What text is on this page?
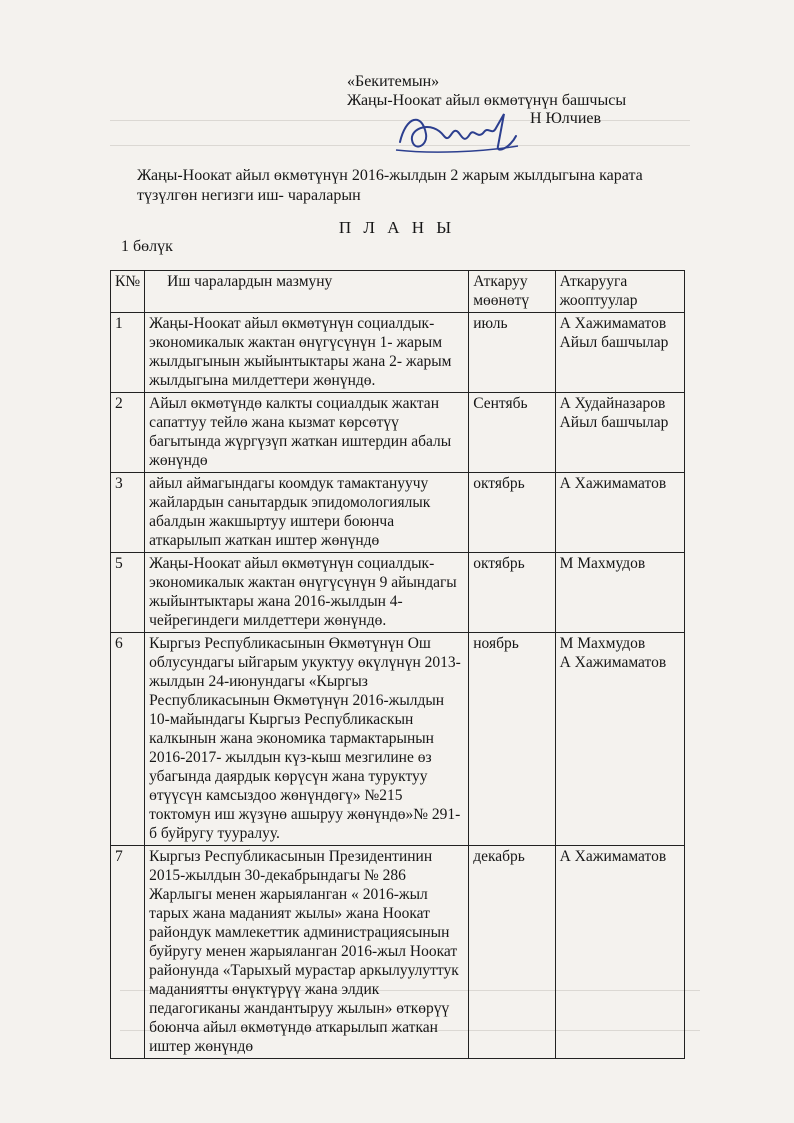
«Бекитемын»
Жаңы-Ноокат айыл өкмөтүнүн башчысы
Н Юлчиев
Жаңы-Ноокат айыл өкмөтүнүн 2016-жылдын 2 жарым жылдыгына карата түзүлгөн негизги иш- чараларын
П Л А Н Ы
1 бөлүк
К№	Иш чаралардын мазмуну	Аткаруу мөөнөтү	Аткарууга жооптуулар
1	Жаңы-Ноокат айыл өкмөтүнүн социалдык-экономикалык жактан өнүгүсүнүн 1- жарым жылдыгынын жыйынтыктары жана 2- жарым жылдыгына милдеттери жөнүндө.	июль	А Хажимаматов
Айыл башчылар

2	Айыл өкмөтүндө калкты социалдык жактан сапаттуу тейлө жана кызмат көрсөтүү багытында жүргүзүп жаткан иштердин абалы жөнүндө	Сентябь	А Худайназаров
Айыл башчылар

3	айыл аймагындагы коомдук тамактануучу жайлардын санытардык эпидомологиялык абалдын жакшыртуу иштери боюнча аткарылып жаткан иштер жөнүндө	октябрь	А Хажимаматов

5	Жаңы-Ноокат айыл өкмөтүнүн социалдык-экономикалык жактан өнүгүсүнүн 9 айындагы жыйынтыктары жана 2016-жылдын 4- чейрегиндеги милдеттери жөнүндө.	октябрь	М Махмудов

6	Кыргыз Республикасынын Өкмөтүнүн Ош облусундагы ыйгарым укуктуу өкүлүнүн 2013-жылдын 24-июнундагы «Кыргыз Республикасынын Өкмөтүнүн 2016-жылдын 10-майындагы Кыргыз Республикаскын калкынын жана экономика тармактарынын 2016-2017- жылдын күз-кыш мезгилине өз убагында даярдык көрүсүн жана туруктуу өтүүсүн камсыздоо жөнүндөгү» №215 токтомун иш жүзүнө ашыруу жөнүндө»№ 291-б буйругу тууралуу.	ноябрь	М Махмудов
А Хажимаматов

7	Кыргыз Республикасынын Президентинин 2015-жылдын 30-декабрындагы № 286 Жарлыгы менен жарыяланган « 2016-жыл тарых жана маданият жылы» жана Ноокат райондук мамлекеттик администрациясынын буйругу менен жарыяланган 2016-жыл Ноокат районунда «Тарыхый мурастар аркылуулуттук маданиятты өнүктүрүү жана элдик педагогиканы жандантыруу жылын» өткөрүү боюнча айыл өкмөтүндө аткарылып жаткан иштер жөнүндө	декабрь	А Хажимаматов
